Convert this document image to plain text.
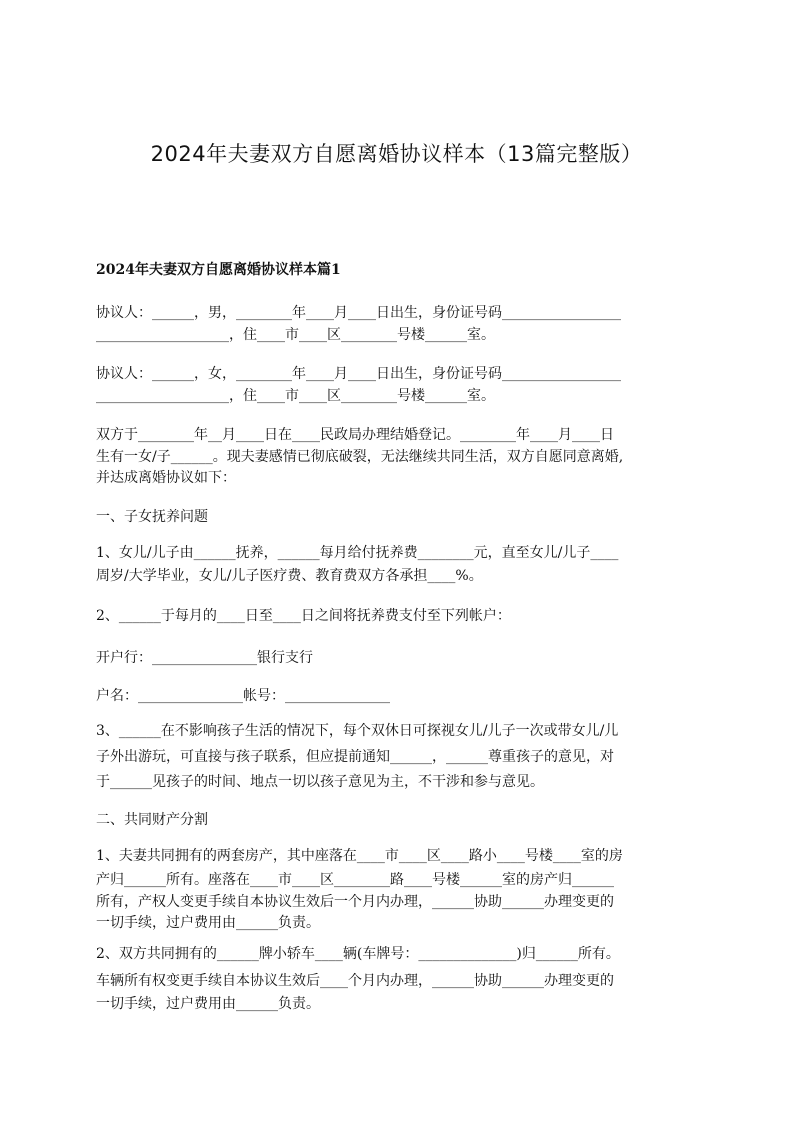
2024年夫妻双方自愿离婚协议样本（13篇完整版）
2024年夫妻双方自愿离婚协议样本篇1
协议人：______，男，________年____月____日出生，身份证号码_________________
___________________，住____市____区________号楼______室。
协议人：______，女，________年____月____日出生，身份证号码_________________
___________________，住____市____区________号楼______室。
双方于________年__月____日在____民政局办理结婚登记。________年____月____日
生有一女/子______。现夫妻感情已彻底破裂，无法继续共同生活，双方自愿同意离婚,
并达成离婚协议如下：
一、子女抚养问题
1、女儿/儿子由______抚养，______每月给付抚养费________元，直至女儿/儿子____
周岁/大学毕业，女儿/儿子医疗费、教育费双方各承担____%。
2、______于每月的____日至____日之间将抚养费支付至下列帐户：
开户行：_______________银行支行
户名：_______________帐号：_______________
3、______在不影响孩子生活的情况下，每个双休日可探视女儿/儿子一次或带女儿/儿
子外出游玩，可直接与孩子联系，但应提前通知______，______尊重孩子的意见，对
于______见孩子的时间、地点一切以孩子意见为主，不干涉和参与意见。
二、共同财产分割
1、夫妻共同拥有的两套房产，其中座落在____市____区____路小____号楼____室的房
产归______所有。座落在____市____区________路____号楼______室的房产归______
所有，产权人变更手续自本协议生效后一个月内办理，______协助______办理变更的
一切手续，过户费用由______负责。
2、双方共同拥有的______牌小轿车____辆(车牌号：______________)归______所有。
车辆所有权变更手续自本协议生效后____个月内办理，______协助______办理变更的
一切手续，过户费用由______负责。
